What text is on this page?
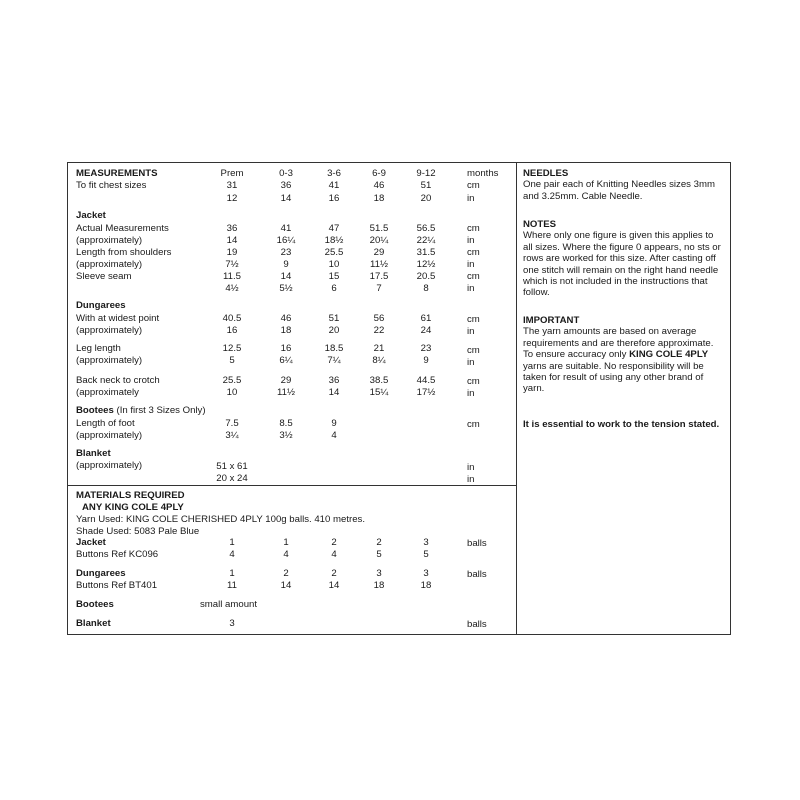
MEASUREMENTS	Prem	0-3	3-6	6-9	9-12	months
To fit chest sizes	31	36	41	46	51	cm
12	14	16	18	20	in
Jacket
Actual Measurements	36	41	47	51.5	56.5	cm
(approximately)	14	16¼	18½	20¼	22¼	in
Length from shoulders	19	23	25.5	29	31.5	cm
(approximately)	7½	9	10	11½	12½	in
Sleeve seam	11.5	14	15	17.5	20.5	cm
4½	5½	6	7	8	in
Dungarees
With at widest point	40.5	46	51	56	61	cm
(approximately)	16	18	20	22	24	in
Leg length	12.5	16	18.5	21	23	cm
(approximately)	5	6¼	7¼	8¼	9	in
Back neck to crotch	25.5	29	36	38.5	44.5	cm
(approximately	10	11½	14	15¼	17½	in
Bootees (In first 3 Sizes Only)
Length of foot	7.5	8.5	9	cm
(approximately)	3¼	3½	4
Blanket
(approximately)	51 x 61	in
20 x 24	in
MATERIALS REQUIRED
ANY KING COLE 4PLY
Yarn Used: KING COLE CHERISHED 4PLY 100g balls. 410 metres.
Shade Used: 5083 Pale Blue
Jacket	1	1	2	2	3	balls
Buttons Ref KC096	4	4	4	5	5
Dungarees	1	2	2	3	3	balls
Buttons Ref BT401	11	14	14	18	18
Bootees	small amount
Blanket	3	balls

NEEDLES

One pair each of Knitting Needles sizes 3mm and 3.25mm. Cable Needle.

NOTES

Where only one figure is given this applies to all sizes. Where the figure 0 appears, no sts or rows are worked for this size. After casting off one stitch will remain on the right hand needle which is not included in the instructions that follow.

IMPORTANT

The yarn amounts are based on average requirements and are therefore approximate.

To ensure accuracy only KING COLE 4PLY yarns are suitable. No responsibility will be taken for result of using any other brand of yarn.

It is essential to work to the tension stated.
